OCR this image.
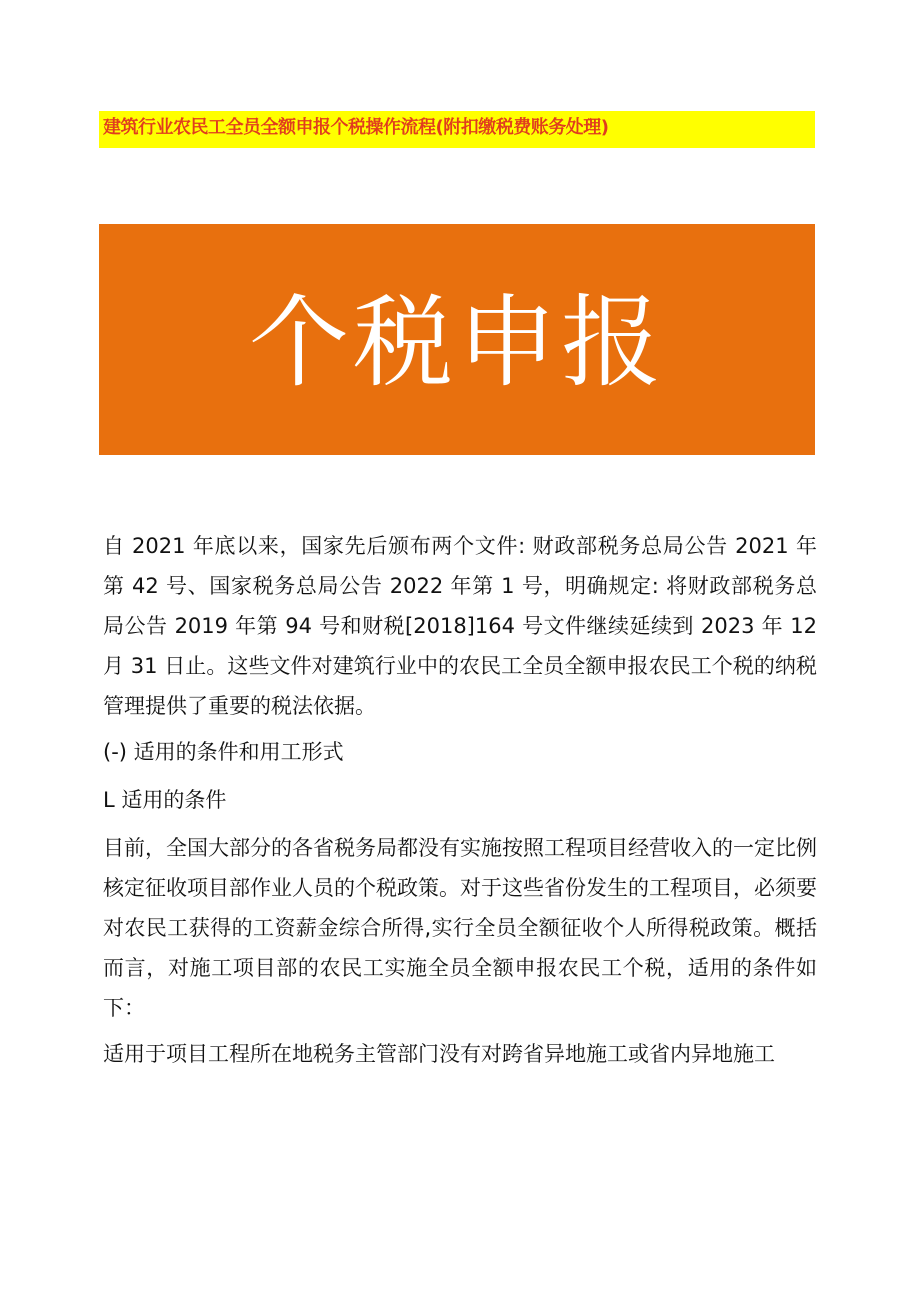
建筑行业农民工全员全额申报个税操作流程(附扣缴税费账务处理)
个税申报

自 2021 年底以来，国家先后颁布两个文件: 财政部税务总局公告 2021 年第 42 号、国家税务总局公告 2022 年第 1 号，明确规定: 将财政部税务总局公告 2019 年第 94 号和财税[2018]164 号文件继续延续到 2023 年 12 月 31 日止。这些文件对建筑行业中的农民工全员全额申报农民工个税的纳税管理提供了重要的税法依据。

(-) 适用的条件和用工形式

L 适用的条件

目前，全国大部分的各省税务局都没有实施按照工程项目经营收入的一定比例核定征收项目部作业人员的个税政策。对于这些省份发生的工程项目，必须要对农民工获得的工资薪金综合所得,实行全员全额征收个人所得税政策。概括而言，对施工项目部的农民工实施全员全额申报农民工个税，适用的条件如下：

适用于项目工程所在地税务主管部门没有对跨省异地施工或省内异地施工
